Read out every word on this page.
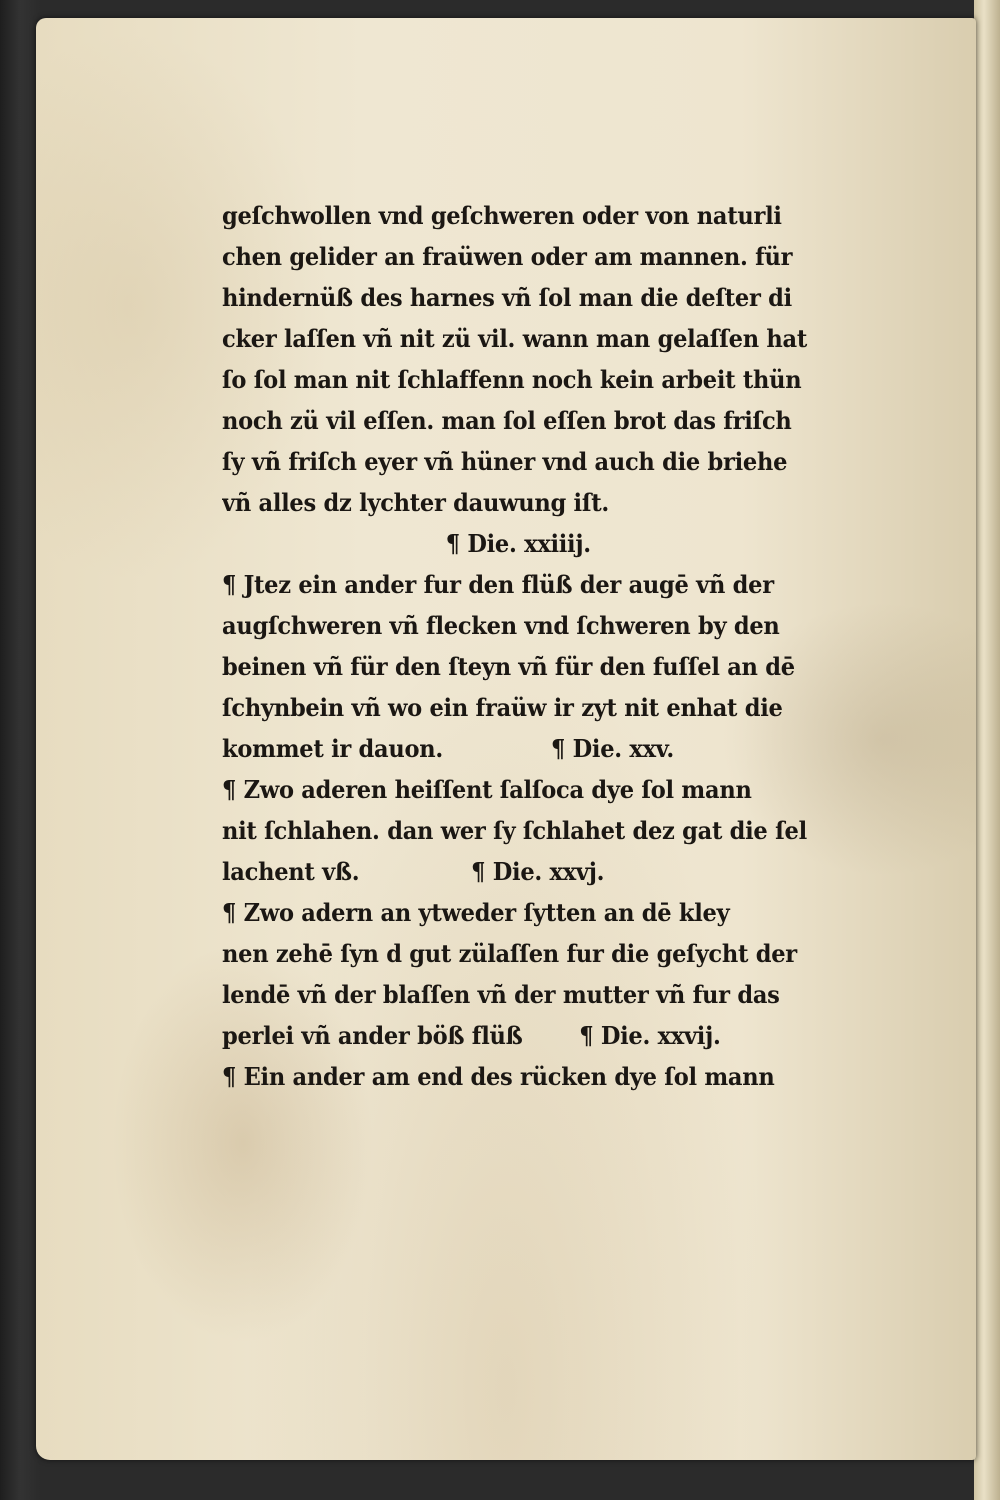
geſchwollen vnd geſchweren oder von naturli
chen gelider an fraüwen oder am mannen. für
hindernüß des harnes vñ ſol man die deſter di
cker laſſen vñ nit zü vil. wann man gelaſſen hat
ſo ſol man nit ſchlaffenn noch kein arbeit thün
noch zü vil eſſen. man ſol eſſen brot das friſch
ſy vñ friſch eyer vñ hüner vnd auch die briehe
vñ alles dz lychter dauwung iſt.
¶ Die. xxiiij.
¶ Jtez ein ander fur den flüß der augē vñ der
augſchweren vñ flecken vnd ſchweren by den
beinen vñ für den ſteyn vñ für den fuſſel an dē
ſchynbein vñ wo ein fraüw ir zyt nit enhat die
kommet ir dauon.	¶ Die. xxv.
¶ Zwo aderen heiſſent ſalſoca dye ſol mann
nit ſchlahen. dan wer ſy ſchlahet dez gat die ſel
lachent vß.	¶ Die. xxvj.
¶ Zwo adern an ytweder ſytten an dē kley
nen zehē ſyn d gut zülaſſen fur die geſycht der
lendē vñ der blaſſen vñ der mutter vñ fur das
perlei vñ ander böß flüß ¶ Die. xxvij.
¶ Ein ander am end des rücken dye ſol mann
